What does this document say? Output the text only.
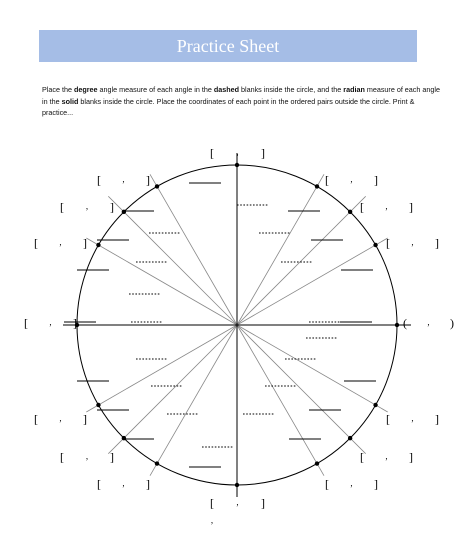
Practice Sheet
Place the degree angle measure of each angle in the dashed blanks inside the circle, and the radian measure of each angle in the solid blanks inside the circle. Place the coordinates of each point in the ordered pairs outside the circle. Print & practice...
[ , ]
[ , ]	[ , ]
[ , ]	[ , ]
[ , ]	[ , ]
[ , ]	( , )
[ , ]	[ , ]
[ , ]	[ , ]
[ , ]	[ , ]
[ , ]
,
